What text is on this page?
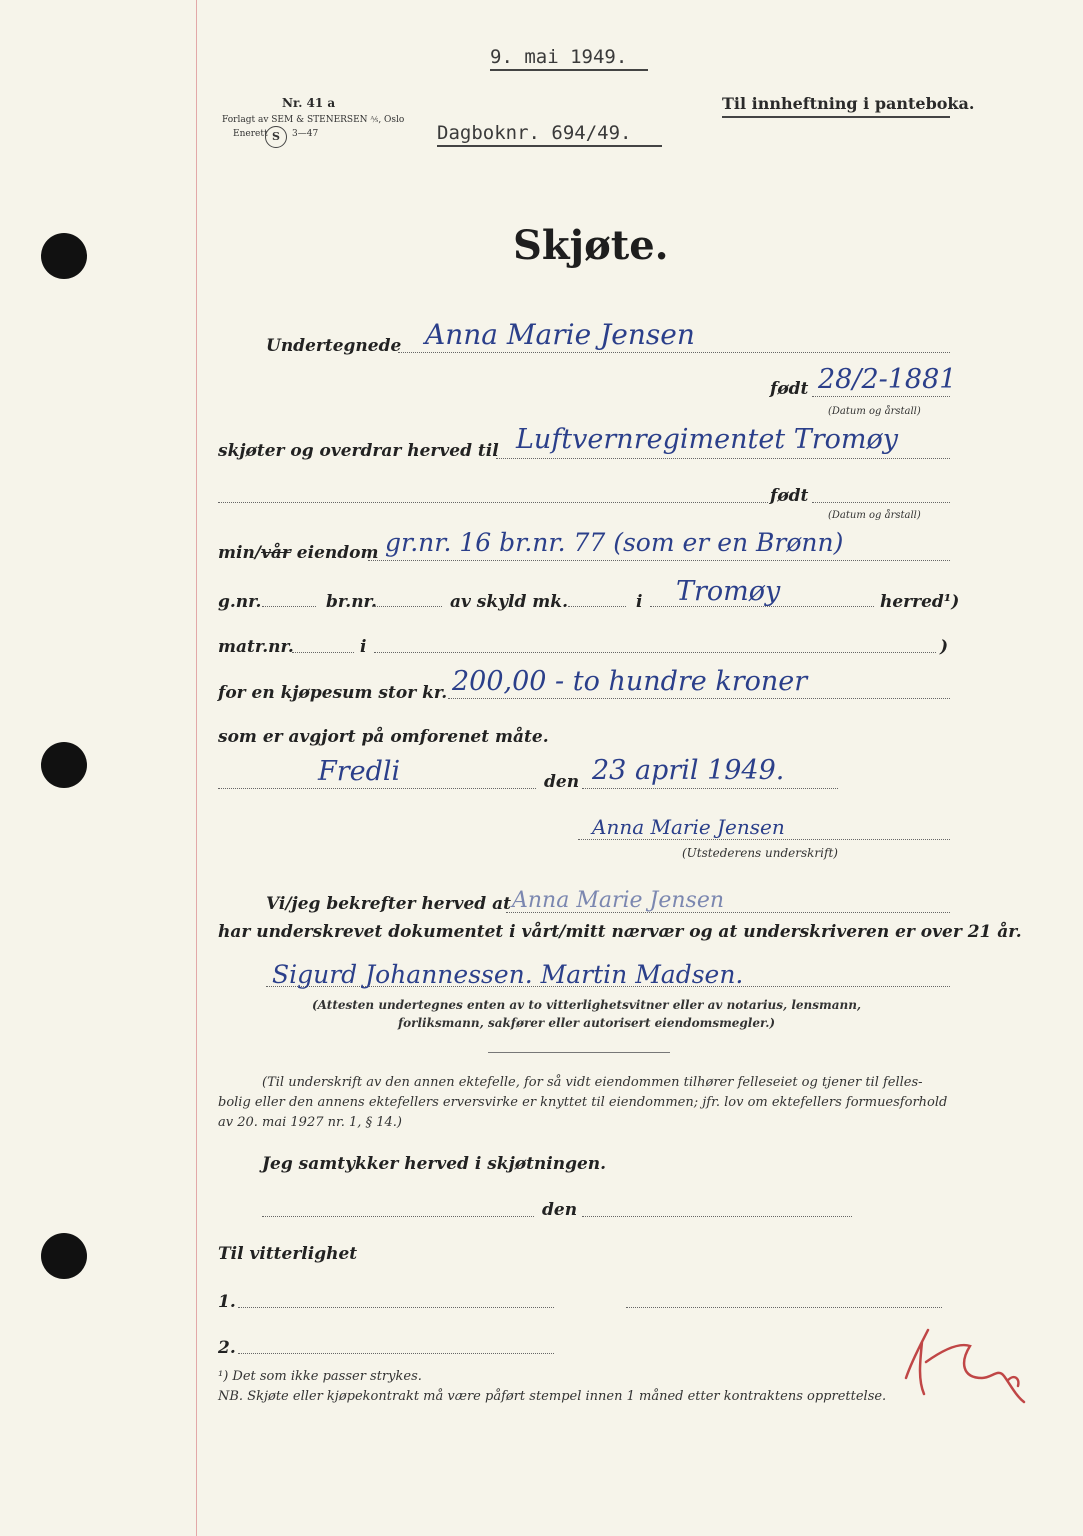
9. mai 1949.
Nr. 41 a
Forlagt av SEM & STENERSEN ⅍, Oslo
Enerett S	3—47	Dagboknr. 694/49.
Til innheftning i panteboka.
Skjøte.
Undertegnede Anna Marie Jensen
født 28/2-1881
(Datum og årstall)
skjøter og overdrar herved til Luftvernregimentet Tromøy
født
(Datum og årstall)
min/vår eiendom gr.nr. 16 br.nr. 77 (som er en Brønn)
g.nr.	br.nr.	av skyld mk.	i Tromøy	herred¹)
matr.nr.	i	)
for en kjøpesum stor kr. 200,00 - to hundre kroner
som er avgjort på omforenet måte.
Fredli	den 23 april 1949.
Anna Marie Jensen
(Utstederens underskrift)
Vi/jeg bekrefter herved at Anna Marie Jensen
har underskrevet dokumentet i vårt/mitt nærvær og at underskriveren er over 21 år.
Sigurd Johannessen. Martin Madsen.
(Attesten undertegnes enten av to vitterlighetsvitner eller av notarius, lensmann,
forliksmann, sakfører eller autorisert eiendomsmegler.)
(Til underskrift av den annen ektefelle, for så vidt eiendommen tilhører felleseiet og tjener til felles-
bolig eller den annens ektefellers erversvirke er knyttet til eiendommen; jfr. lov om ektefellers formuesforhold
av 20. mai 1927 nr. 1, § 14.)
Jeg samtykker herved i skjøtningen.
den
Til vitterlighet
1.
2.
¹) Det som ikke passer strykes.
NB. Skjøte eller kjøpekontrakt må være påført stempel innen 1 måned etter kontraktens opprettelse.
